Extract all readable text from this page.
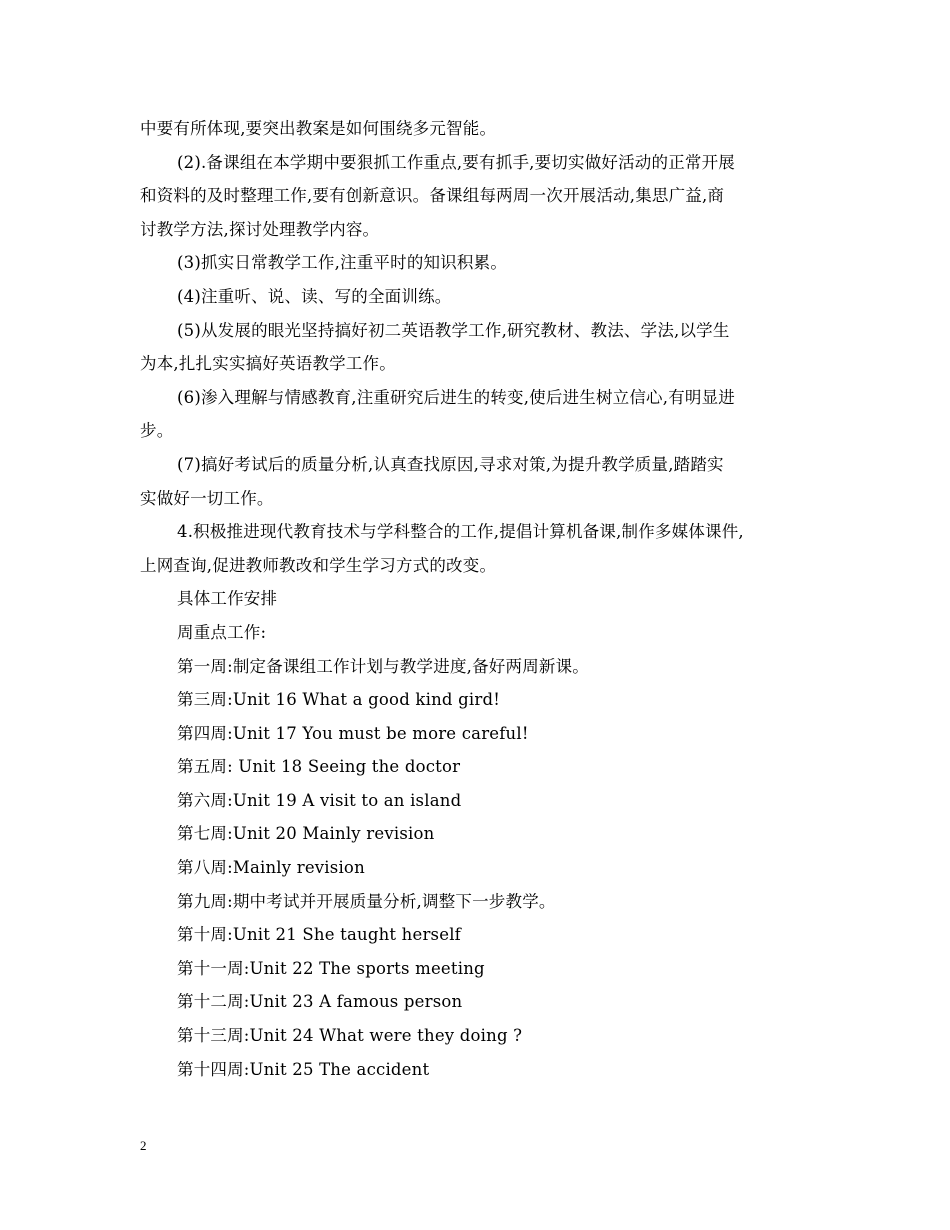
中要有所体现,要突出教案是如何围绕多元智能。
(2).备课组在本学期中要狠抓工作重点,要有抓手,要切实做好活动的正常开展
和资料的及时整理工作,要有创新意识。备课组每两周一次开展活动,集思广益,商
讨教学方法,探讨处理教学内容。
(3)抓实日常教学工作,注重平时的知识积累。
(4)注重听、说、读、写的全面训练。
(5)从发展的眼光坚持搞好初二英语教学工作,研究教材、教法、学法,以学生
为本,扎扎实实搞好英语教学工作。
(6)渗入理解与情感教育,注重研究后进生的转变,使后进生树立信心,有明显进
步。
(7)搞好考试后的质量分析,认真查找原因,寻求对策,为提升教学质量,踏踏实
实做好一切工作。
4.积极推进现代教育技术与学科整合的工作,提倡计算机备课,制作多媒体课件,
上网查询,促进教师教改和学生学习方式的改变。
具体工作安排
周重点工作:
第一周:制定备课组工作计划与教学进度,备好两周新课。
第三周:Unit 16 What a good kind gird!
第四周:Unit 17 You must be more careful!
第五周: Unit 18 Seeing the doctor
第六周:Unit 19 A visit to an island
第七周:Unit 20 Mainly revision
第八周:Mainly revision
第九周:期中考试并开展质量分析,调整下一步教学。
第十周:Unit 21 She taught herself
第十一周:Unit 22 The sports meeting
第十二周:Unit 23 A famous person
第十三周:Unit 24 What were they doing ?
第十四周:Unit 25 The accident
2
